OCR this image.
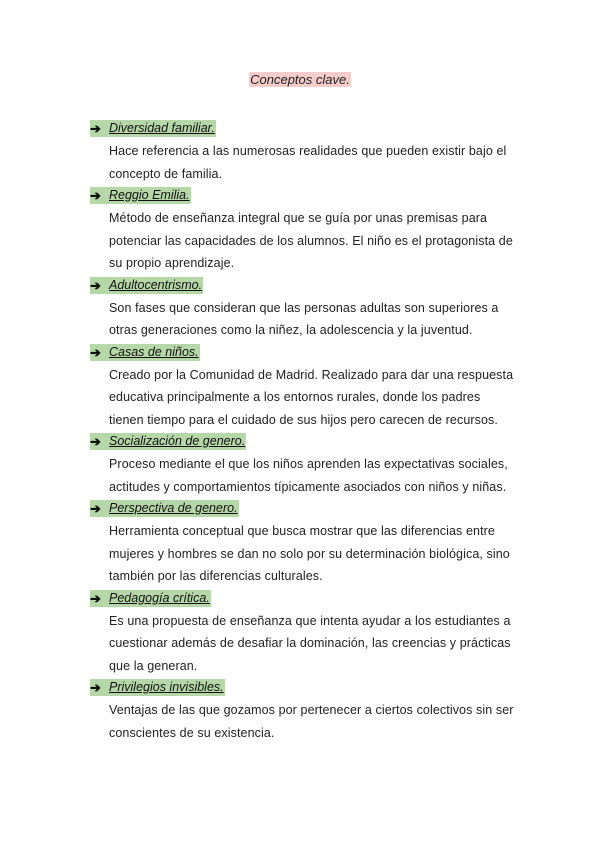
Conceptos clave.
➔ Diversidad familiar.
Hace referencia a las numerosas realidades que pueden existir bajo el
concepto de familia.
➔ Reggio Emilia.
Método de enseñanza integral que se guía por unas premisas para
potenciar las capacidades de los alumnos. El niño es el protagonista de
su propio aprendizaje.
➔ Adultocentrismo.
Son fases que consideran que las personas adultas son superiores a
otras generaciones como la niñez, la adolescencia y la juventud.
➔ Casas de niños.
Creado por la Comunidad de Madrid. Realizado para dar una respuesta
educativa principalmente a los entornos rurales, donde los padres
tienen tiempo para el cuidado de sus hijos pero carecen de recursos.
➔ Socialización de genero.
Proceso mediante el que los niños aprenden las expectativas sociales,
actitudes y comportamientos típicamente asociados con niños y niñas.
➔ Perspectiva de genero.
Herramienta conceptual que busca mostrar que las diferencias entre
mujeres y hombres se dan no solo por su determinación biológica, sino
también por las diferencias culturales.
➔ Pedagogía crítica.
Es una propuesta de enseñanza que intenta ayudar a los estudiantes a
cuestionar además de desafiar la dominación, las creencias y prácticas
que la generan.
➔ Privilegios invisibles.
Ventajas de las que gozamos por pertenecer a ciertos colectivos sin ser
conscientes de su existencia.
